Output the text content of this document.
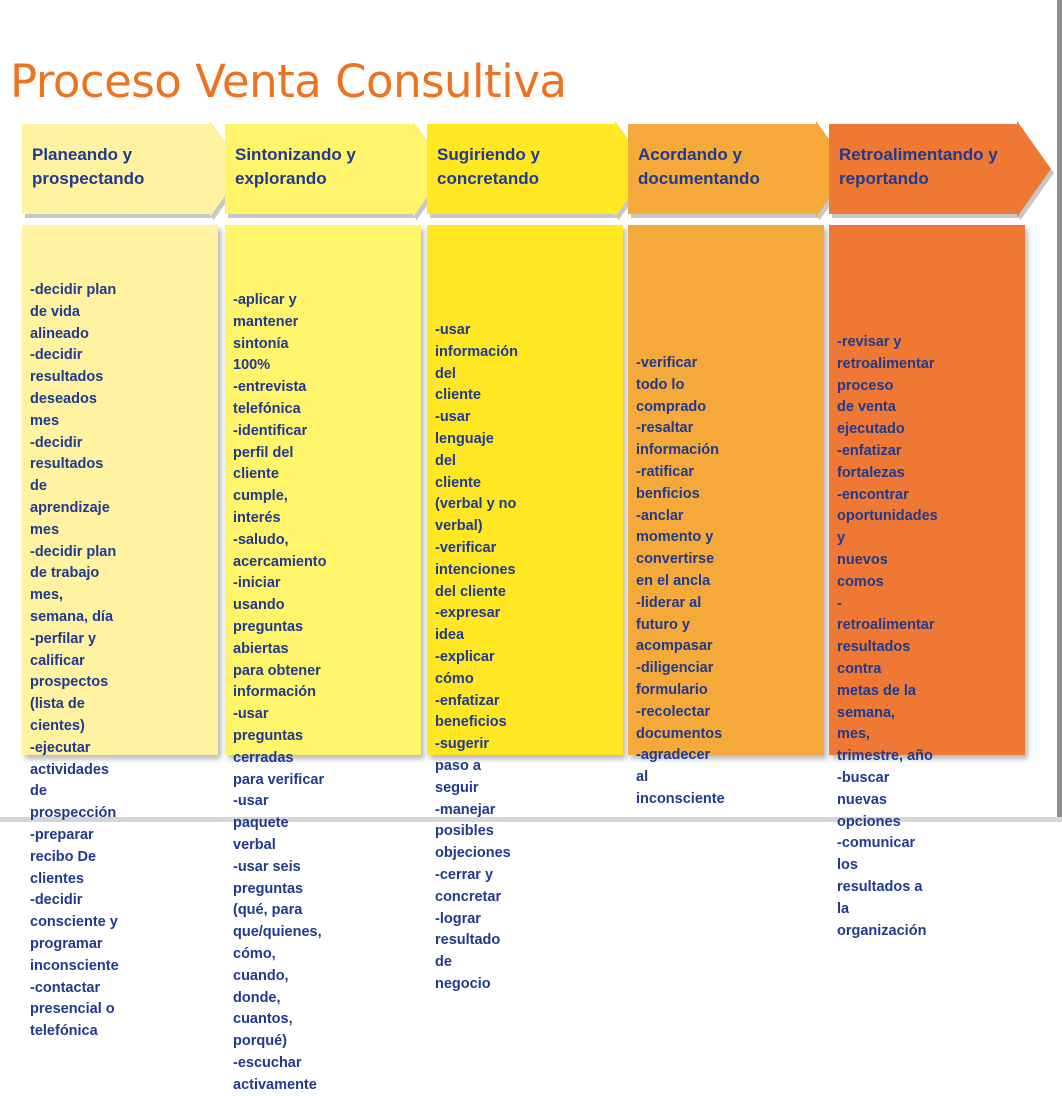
Proceso Venta Consultiva
Planeando y
prospectando
-decidir plan de vida
alineado
-decidir resultados
deseados mes
-decidir resultados de
aprendizaje mes
-decidir plan de trabajo
mes, semana, día
-perfilar y calificar
prospectos (lista de
cientes)
-ejecutar actividades
de prospección
-preparar recibo De
clientes
-decidir consciente y
programar
inconsciente
-contactar presencial o
telefónica
Sintonizando y
explorando
-aplicar y mantener
sintonía 100%
-entrevista telefónica
-identificar perfil del
cliente cumple, interés
-saludo, acercamiento
-iniciar usando
preguntas abiertas
para obtener
información
-usar preguntas
cerradas para verificar
-usar paquete verbal
-usar seis preguntas
(qué, para que/quienes,
cómo, cuando, donde,
cuantos, porqué)
-escuchar activamente
Sugiriendo y
concretando
-usar información del
cliente
-usar lenguaje del
cliente (verbal y no
verbal)
-verificar intenciones
del cliente
-expresar idea
-explicar cómo
-enfatizar beneficios
-sugerir paso a seguir
-manejar posibles
objeciones
-cerrar y concretar
-lograr resultado de
negocio
Acordando y
documentando
-verificar todo lo
comprado
-resaltar información
-ratificar benficios
-anclar momento y
convertirse en el ancla
-liderar al futuro y
acompasar
-diligenciar formulario
-recolectar
documentos
-agradecer al
inconsciente
Retroalimentando y
reportando
-revisar y
retroalimentar proceso
de venta ejecutado
-enfatizar fortalezas
-encontrar
oportunidades y
nuevos comos
-retroalimentar
resultados contra
metas de la semana,
mes, trimestre, año
-buscar nuevas
opciones
-comunicar los
resultados a la
organización
